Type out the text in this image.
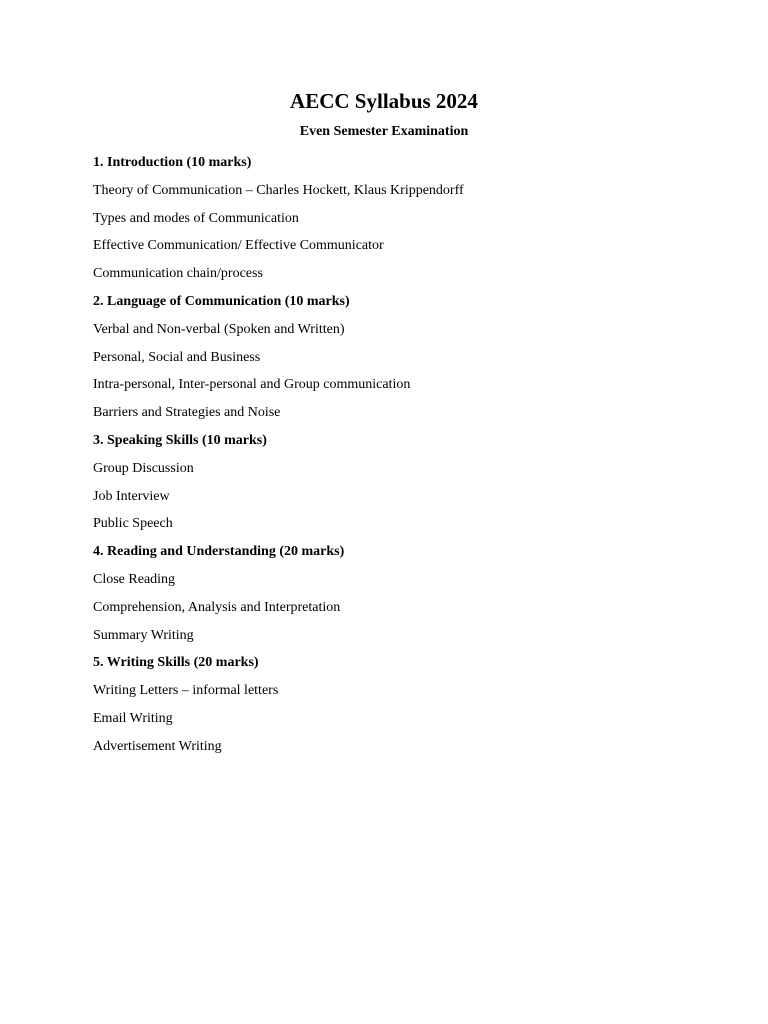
AECC Syllabus 2024
Even Semester Examination
1. Introduction (10 marks)
Theory of Communication – Charles Hockett, Klaus Krippendorff
Types and modes of Communication
Effective Communication/ Effective Communicator
Communication chain/process
2. Language of Communication (10 marks)
Verbal and Non-verbal (Spoken and Written)
Personal, Social and Business
Intra-personal, Inter-personal and Group communication
Barriers and Strategies and Noise
3. Speaking Skills (10 marks)
Group Discussion
Job Interview
Public Speech
4. Reading and Understanding (20 marks)
Close Reading
Comprehension, Analysis and Interpretation
Summary Writing
5. Writing Skills (20 marks)
Writing Letters – informal letters
Email Writing
Advertisement Writing
